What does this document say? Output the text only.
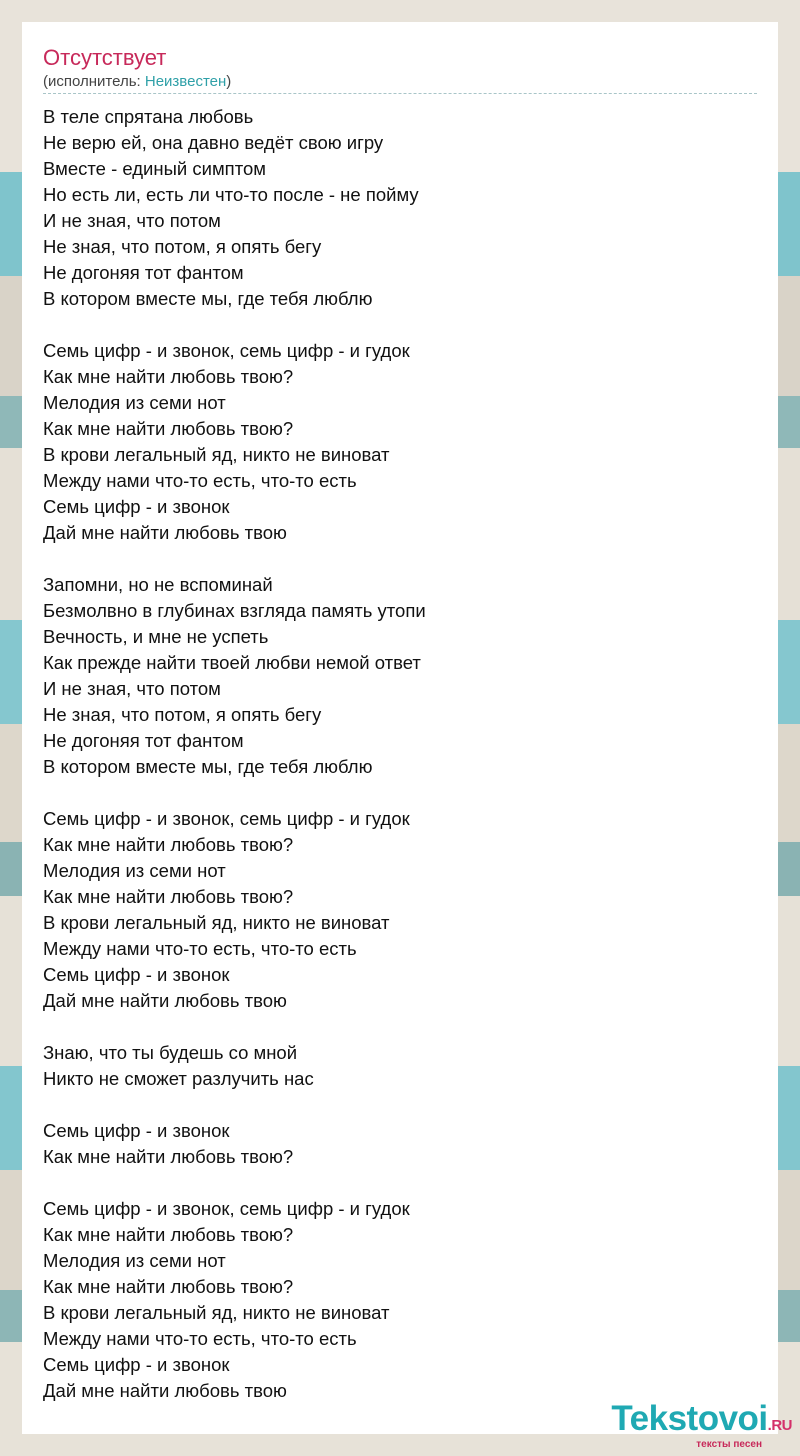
Отсутствует
(исполнитель: Неизвестен)
В теле спрятана любовь
Не верю ей, она давно ведёт свою игру
Вместе - единый симптом
Но есть ли, есть ли что-то после - не пойму
И не зная, что потом
Не зная, что потом, я опять бегу
Не догоняя тот фантом
В котором вместе мы, где тебя люблю
Семь цифр - и звонок, семь цифр - и гудок
Как мне найти любовь твою?
Мелодия из семи нот
Как мне найти любовь твою?
В крови легальный яд, никто не виноват
Между нами что-то есть, что-то есть
Семь цифр - и звонок
Дай мне найти любовь твою
Запомни, но не вспоминай
Безмолвно в глубинах взгляда память утопи
Вечность, и мне не успеть
Как прежде найти твоей любви немой ответ
И не зная, что потом
Не зная, что потом, я опять бегу
Не догоняя тот фантом
В котором вместе мы, где тебя люблю
Семь цифр - и звонок, семь цифр - и гудок
Как мне найти любовь твою?
Мелодия из семи нот
Как мне найти любовь твою?
В крови легальный яд, никто не виноват
Между нами что-то есть, что-то есть
Семь цифр - и звонок
Дай мне найти любовь твою
Знаю, что ты будешь со мной
Никто не сможет разлучить нас
Семь цифр - и звонок
Как мне найти любовь твою?
Семь цифр - и звонок, семь цифр - и гудок
Как мне найти любовь твою?
Мелодия из семи нот
Как мне найти любовь твою?
В крови легальный яд, никто не виноват
Между нами что-то есть, что-то есть
Семь цифр - и звонок
Дай мне найти любовь твою
Tekstovoi.RU
тексты песен
